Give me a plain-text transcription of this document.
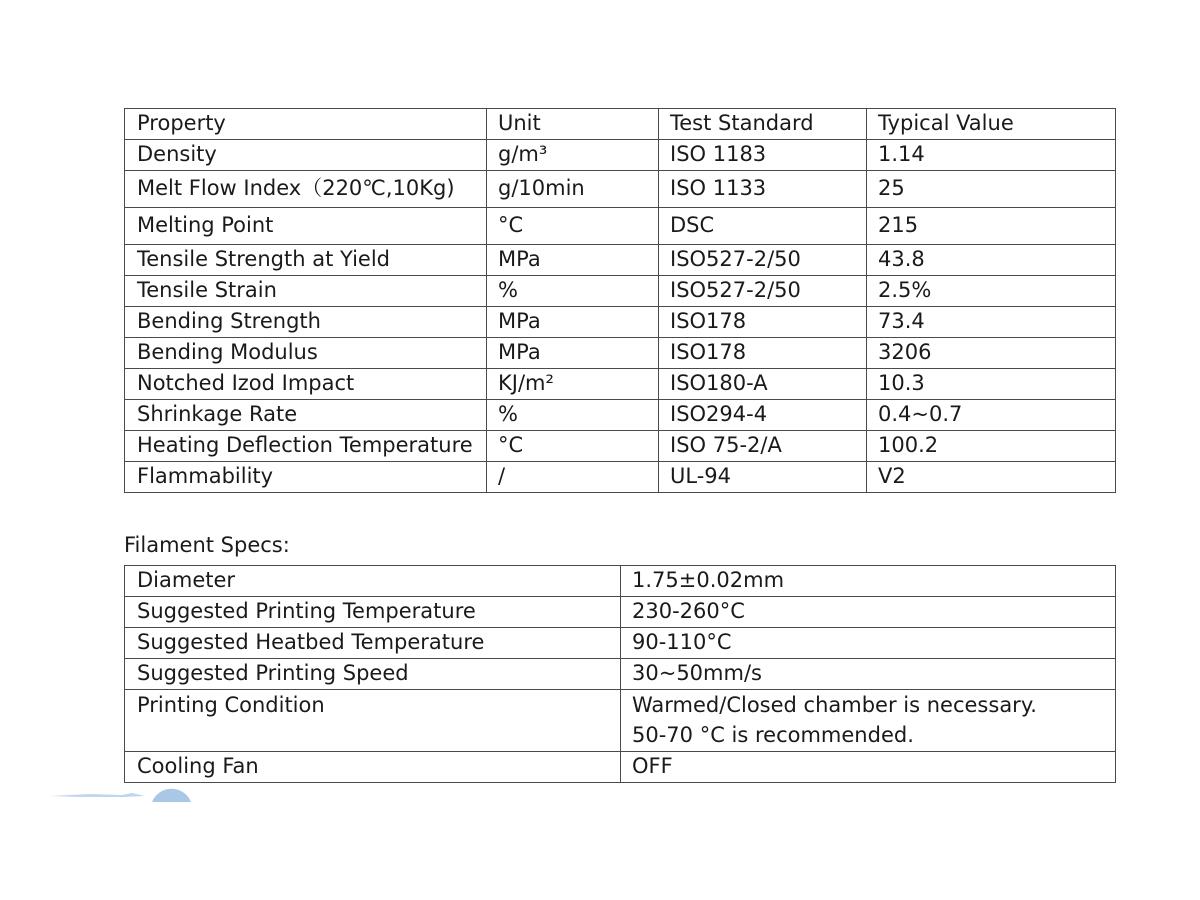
Property	Unit	Test Standard	Typical Value
Density	g/m³	ISO 1183	1.14
Melt Flow Index（220℃,10Kg)	g/10min	ISO 1133	25
Melting Point	°C	DSC	215
Tensile Strength at Yield	MPa	ISO527-2/50	43.8
Tensile Strain	%	ISO527-2/50	2.5%
Bending Strength	MPa	ISO178	73.4
Bending Modulus	MPa	ISO178	3206
Notched Izod Impact	KJ/m²	ISO180-A	10.3
Shrinkage Rate	%	ISO294-4	0.4~0.7
Heating Deflection Temperature	°C	ISO 75-2/A	100.2
Flammability	/	UL-94	V2
Filament Specs:
Diameter	1.75±0.02mm

Suggested Printing Temperature	230-260°C

Suggested Heatbed Temperature	90-110°C

Suggested Printing Speed	30~50mm/s

Printing Condition	Warmed/Closed chamber is necessary.
50-70 °C is recommended.

Cooling Fan	OFF
